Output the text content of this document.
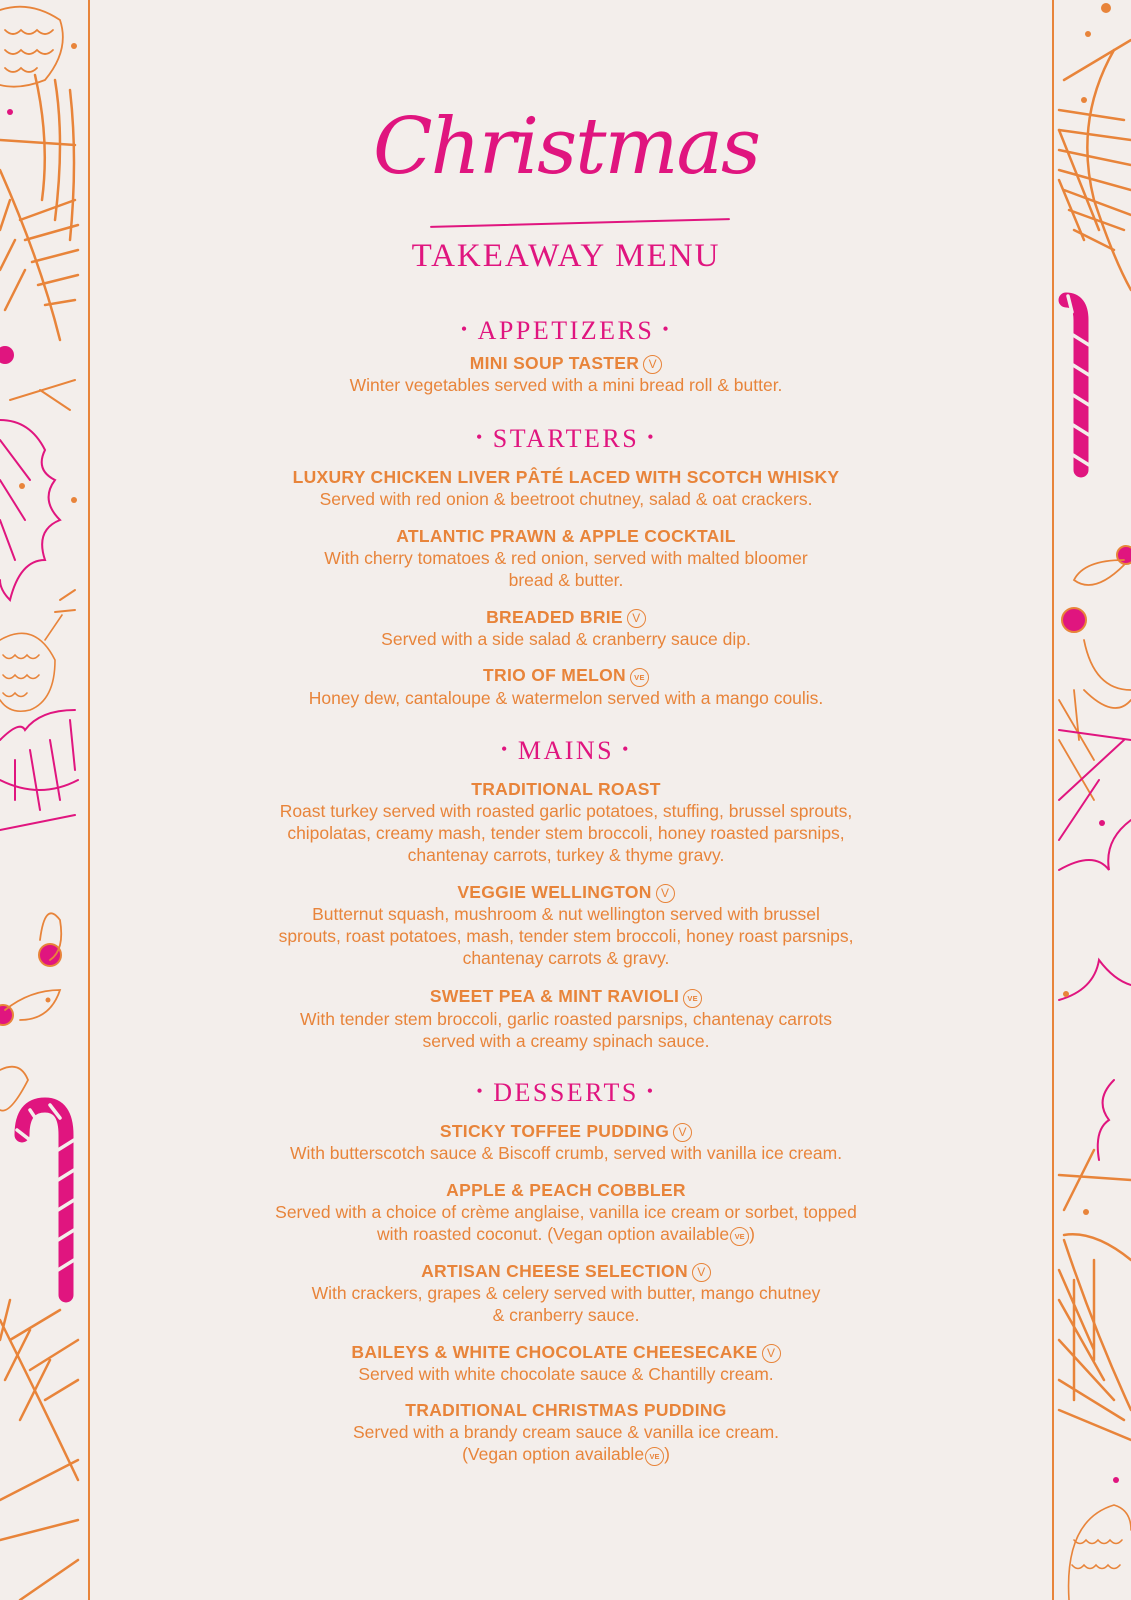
Christmas
TAKEAWAY MENU
• APPETIZERS •
MINI SOUP TASTER V
Winter vegetables served with a mini bread roll & butter.
• STARTERS •
LUXURY CHICKEN LIVER PÂTÉ LACED WITH SCOTCH WHISKY
Served with red onion & beetroot chutney, salad & oat crackers.
ATLANTIC PRAWN & APPLE COCKTAIL
With cherry tomatoes & red onion, served with malted bloomer
bread & butter.
BREADED BRIE V
Served with a side salad & cranberry sauce dip.
TRIO OF MELON VE
Honey dew, cantaloupe & watermelon served with a mango coulis.
• MAINS •
TRADITIONAL ROAST
Roast turkey served with roasted garlic potatoes, stuffing, brussel sprouts,
chipolatas, creamy mash, tender stem broccoli, honey roasted parsnips,
chantenay carrots, turkey & thyme gravy.
VEGGIE WELLINGTON V
Butternut squash, mushroom & nut wellington served with brussel
sprouts, roast potatoes, mash, tender stem broccoli, honey roast parsnips,
chantenay carrots & gravy.
SWEET PEA & MINT RAVIOLI VE
With tender stem broccoli, garlic roasted parsnips, chantenay carrots
served with a creamy spinach sauce.
• DESSERTS •
STICKY TOFFEE PUDDING V
With butterscotch sauce & Biscoff crumb, served with vanilla ice cream.
APPLE & PEACH COBBLER
Served with a choice of crème anglaise, vanilla ice cream or sorbet, topped
with roasted coconut. (Vegan option available VE )
ARTISAN CHEESE SELECTION V
With crackers, grapes & celery served with butter, mango chutney
& cranberry sauce.
BAILEYS & WHITE CHOCOLATE CHEESECAKE V
Served with white chocolate sauce & Chantilly cream.
TRADITIONAL CHRISTMAS PUDDING
Served with a brandy cream sauce & vanilla ice cream.
(Vegan option available VE )
